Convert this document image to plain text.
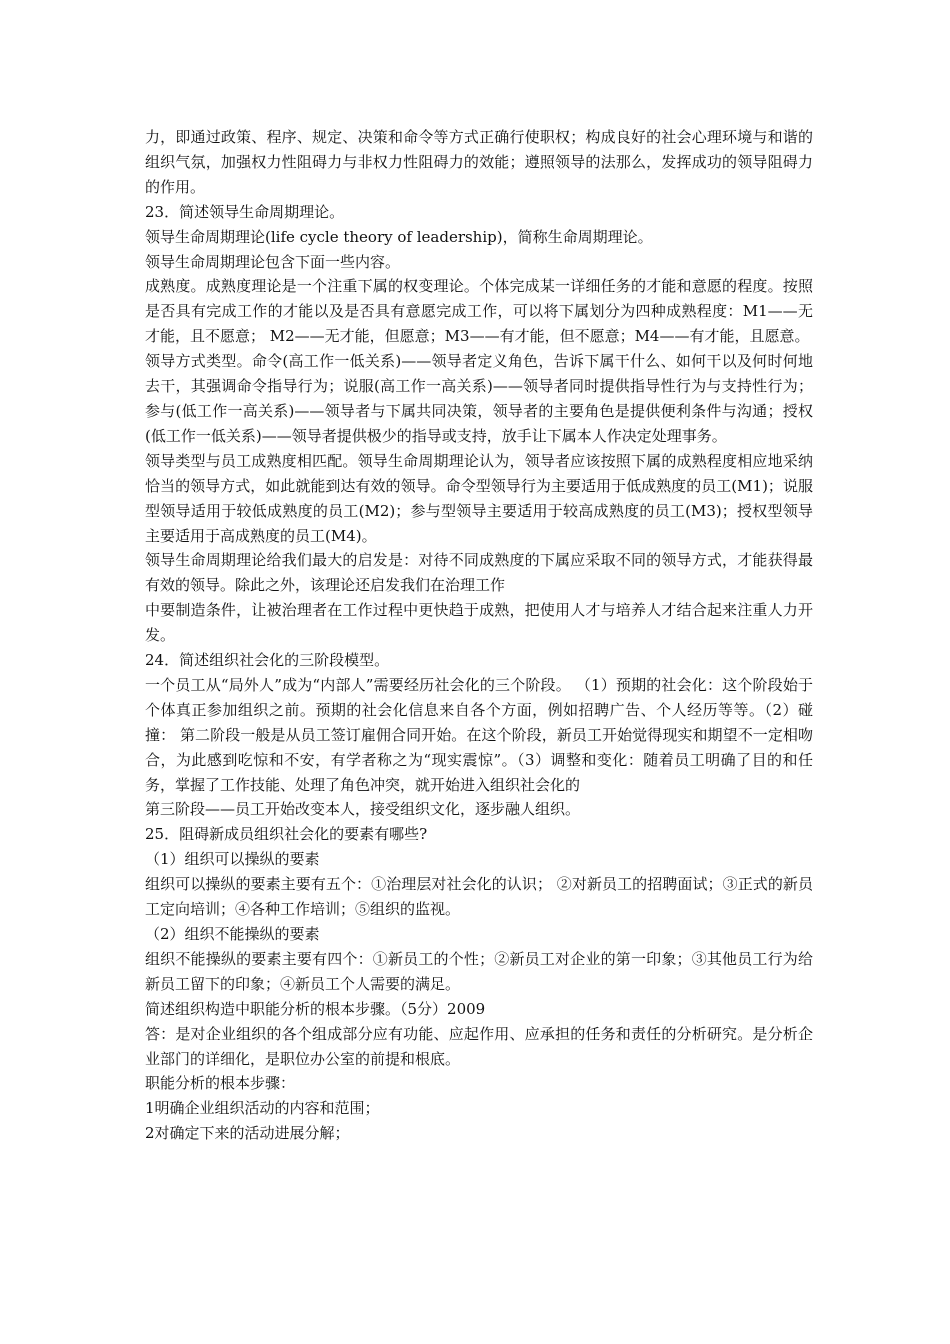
力，即通过政策、程序、规定、决策和命令等方式正确行使职权；构成良好的社会心理环境与和谐的组织气氛，加强权力性阻碍力与非权力性阻碍力的效能；遵照领导的法那么，发挥成功的领导阻碍力的作用。

23．简述领导生命周期理论。

领导生命周期理论(life cycle theory of leadership)，简称生命周期理论。

领导生命周期理论包含下面一些内容。

成熟度。成熟度理论是一个注重下属的权变理论。个体完成某一详细任务的才能和意愿的程度。按照是否具有完成工作的才能以及是否具有意愿完成工作，可以将下属划分为四种成熟程度：M1——无才能，且不愿意； M2——无才能，但愿意；M3——有才能，但不愿意；M4——有才能，且愿意。

领导方式类型。命令(高工作一低关系)——领导者定义角色，告诉下属干什么、如何干以及何时何地去干，其强调命令指导行为；说服(高工作一高关系)——领导者同时提供指导性行为与支持性行为；参与(低工作一高关系)——领导者与下属共同决策，领导者的主要角色是提供便利条件与沟通；授权(低工作一低关系)——领导者提供极少的指导或支持，放手让下属本人作决定处理事务。

领导类型与员工成熟度相匹配。领导生命周期理论认为，领导者应该按照下属的成熟程度相应地采纳恰当的领导方式，如此就能到达有效的领导。命令型领导行为主要适用于低成熟度的员工(M1)；说服型领导适用于较低成熟度的员工(M2)；参与型领导主要适用于较高成熟度的员工(M3)；授权型领导主要适用于高成熟度的员工(M4)。

领导生命周期理论给我们最大的启发是：对待不同成熟度的下属应采取不同的领导方式，才能获得最有效的领导。除此之外，该理论还启发我们在治理工作

中要制造条件，让被治理者在工作过程中更快趋于成熟，把使用人才与培养人才结合起来注重人力开发。

24．简述组织社会化的三阶段模型。

一个员工从“局外人”成为“内部人”需要经历社会化的三个阶段。 （1）预期的社会化：这个阶段始于个体真正参加组织之前。预期的社会化信息来自各个方面，例如招聘广告、个人经历等等。（2）碰撞： 第二阶段一般是从员工签订雇佣合同开始。在这个阶段，新员工开始觉得现实和期望不一定相吻合，为此感到吃惊和不安，有学者称之为“现实震惊”。（3）调整和变化：随着员工明确了目的和任务，掌握了工作技能、处理了角色冲突，就开始进入组织社会化的

第三阶段——员工开始改变本人，接受组织文化，逐步融人组织。

25．阻碍新成员组织社会化的要素有哪些?

（1）组织可以操纵的要素

组织可以操纵的要素主要有五个：①治理层对社会化的认识； ②对新员工的招聘面试；③正式的新员工定向培训；④各种工作培训；⑤组织的监视。

（2）组织不能操纵的要素

组织不能操纵的要素主要有四个：①新员工的个性；②新员工对企业的第一印象；③其他员工行为给新员工留下的印象；④新员工个人需要的满足。

简述组织构造中职能分析的根本步骤。（5分）2009

答：是对企业组织的各个组成部分应有功能、应起作用、应承担的任务和责任的分析研究。是分析企业部门的详细化，是职位办公室的前提和根底。

职能分析的根本步骤：

1明确企业组织活动的内容和范围；

2对确定下来的活动进展分解；
